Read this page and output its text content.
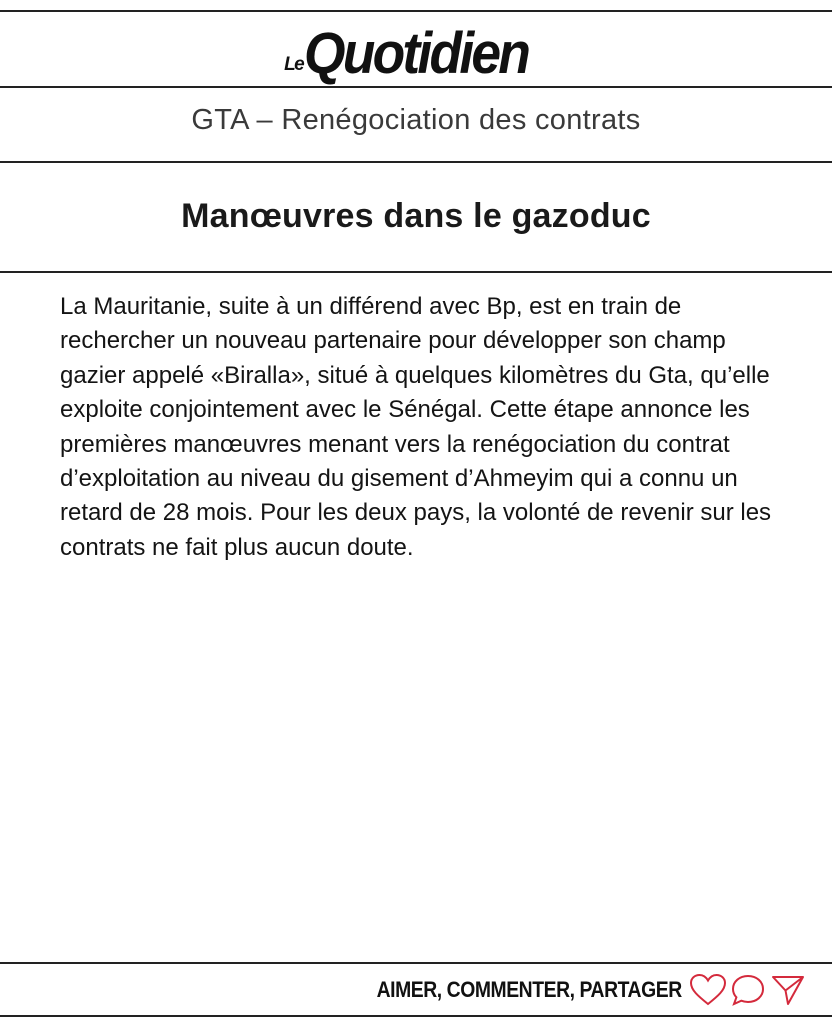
Le Quotidien
GTA – Renégociation des contrats
Manœuvres dans le gazoduc

La Mauritanie, suite à un différend avec Bp, est en train de rechercher un nouveau partenaire pour développer son champ gazier appelé «Biralla», situé à quelques kilomètres du Gta, qu’elle exploite conjointement avec le Sénégal. Cette étape annonce les premières manœuvres menant vers la renégociation du contrat d’exploitation au niveau du gisement d’Ahmeyim qui a connu un retard de 28 mois. Pour les deux pays, la volonté de revenir sur les contrats ne fait plus aucun doute.

AIMER, COMMENTER, PARTAGER
